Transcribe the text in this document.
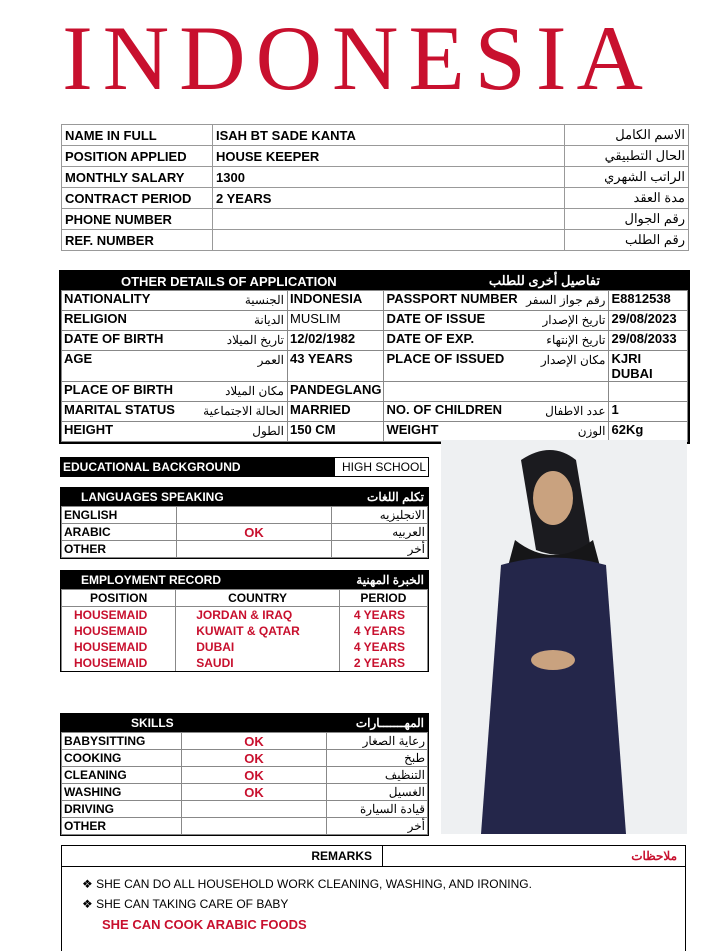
INDONESIA
NAME IN FULL	ISAH BT SADE KANTA	الاسم الكامل
POSITION APPLIED	HOUSE KEEPER	الحال التطبيقي
MONTHLY SALARY	1300	الراتب الشهري
CONTRACT PERIOD	2 YEARS	مدة العقد
PHONE NUMBER		رقم الجوال
REF. NUMBER		رقم الطلب
OTHER DETAILS OF APPLICATION	تفاصيل أخرى للطلب
NATIONALITY الجنسية	INDONESIA	PASSPORT NUMBER رقم جواز السفر	E8812538
RELIGION الديانة	MUSLIM	DATE OF ISSUE تاريخ الإصدار	29/08/2023
DATE OF BIRTH تاريخ الميلاد	12/02/1982	DATE OF EXP. تاريخ الإنتهاء	29/08/2033
AGE العمر	43 YEARS	PLACE OF ISSUED مكان الإصدار	KJRI DUBAI
PLACE OF BIRTH مكان الميلاد	PANDEGLANG	

MARITAL STATUS الحالة الاجتماعية	MARRIED	NO. OF CHILDREN عدد الاطفال	1
HEIGHT الطول	150 CM	WEIGHT الوزن	62Kg
EDUCATIONAL BACKGROUND	HIGH SCHOOL
LANGUAGES SPEAKING	تكلم اللغات
ENGLISH		الانجليزيه
ARABIC	OK	العربيه
OTHER		أخر
EMPLOYMENT RECORD	الخبرة المهنية
POSITION	COUNTRY	PERIOD
HOUSEMAID	JORDAN & IRAQ	4 YEARS
HOUSEMAID	KUWAIT & QATAR	4 YEARS
HOUSEMAID	DUBAI	4 YEARS
HOUSEMAID	SAUDI	2 YEARS
SKILLS	المهـــــــارات
BABYSITTING	OK	رعاية الصغار
COOKING	OK	طبخ
CLEANING	OK	التنظيف
WASHING	OK	الغسيل
DRIVING		قيادة السيارة
OTHER		أخر
REMARKS	ملاحظات
❖ SHE CAN DO ALL HOUSEHOLD WORK CLEANING, WASHING, AND IRONING.
❖ SHE CAN TAKING CARE OF BABY
SHE CAN COOK ARABIC FOODS
